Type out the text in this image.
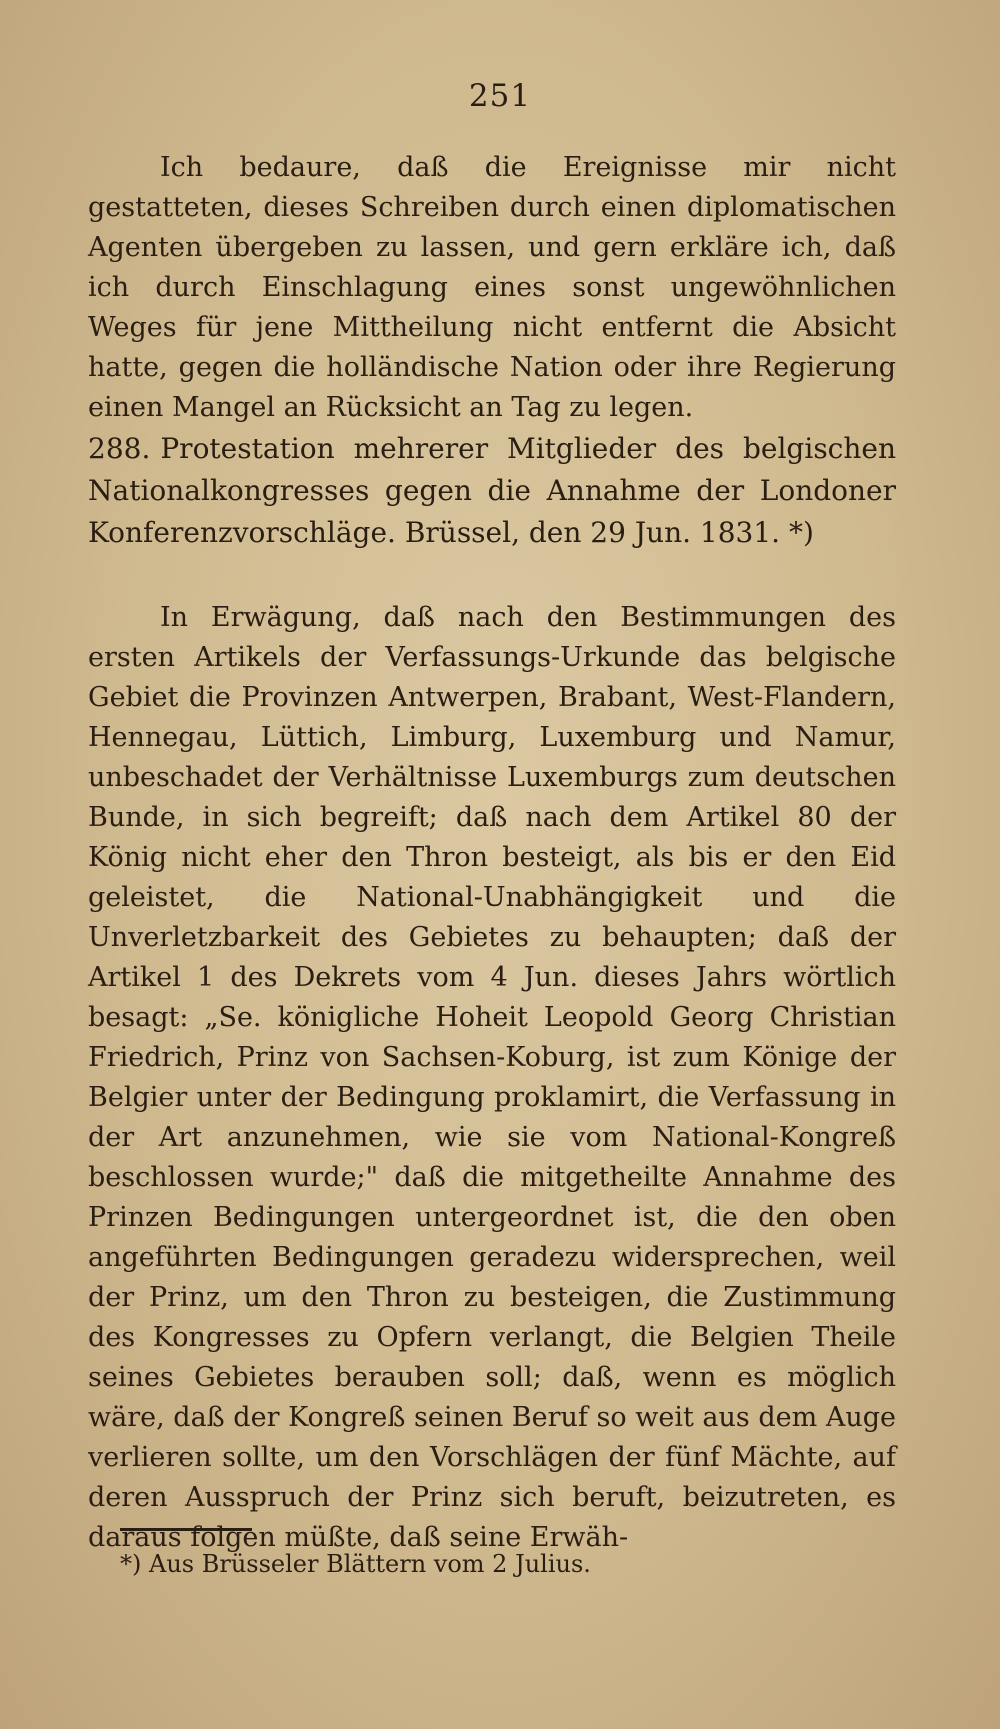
251
Ich bedaure, daß die Ereignisse mir nicht gestatteten, dieses Schreiben durch einen diplomatischen Agenten übergeben zu lassen, und gern erkläre ich, daß ich durch Einschlagung eines sonst ungewöhnlichen Weges für jene Mittheilung nicht entfernt die Absicht hatte, gegen die holländische Nation oder ihre Regierung einen Mangel an Rücksicht an Tag zu legen.
288. Protestation mehrerer Mitglieder des belgischen Nationalkongresses gegen die Annahme der Londoner Konferenzvorschläge. Brüssel, den 29 Jun. 1831. *)
In Erwägung, daß nach den Bestimmungen des ersten Artikels der Verfassungs-Urkunde das belgische Gebiet die Provinzen Antwerpen, Brabant, West-Flandern, Hennegau, Lüttich, Limburg, Luxemburg und Namur, unbeschadet der Verhältnisse Luxemburgs zum deutschen Bunde, in sich begreift; daß nach dem Artikel 80 der König nicht eher den Thron besteigt, als bis er den Eid geleistet, die National-Unabhängigkeit und die Unverletzbarkeit des Gebietes zu behaupten; daß der Artikel 1 des Dekrets vom 4 Jun. dieses Jahrs wörtlich besagt: „Se. königliche Hoheit Leopold Georg Christian Friedrich, Prinz von Sachsen-Koburg, ist zum Könige der Belgier unter der Bedingung proklamirt, die Verfassung in der Art anzunehmen, wie sie vom National-Kongreß beschlossen wurde;" daß die mitgetheilte Annahme des Prinzen Bedingungen untergeordnet ist, die den oben angeführten Bedingungen geradezu widersprechen, weil der Prinz, um den Thron zu besteigen, die Zustimmung des Kongresses zu Opfern verlangt, die Belgien Theile seines Gebietes berauben soll; daß, wenn es möglich wäre, daß der Kongreß seinen Beruf so weit aus dem Auge verlieren sollte, um den Vorschlägen der fünf Mächte, auf deren Ausspruch der Prinz sich beruft, beizutreten, es daraus folgen müßte, daß seine Erwäh-
*) Aus Brüsseler Blättern vom 2 Julius.
